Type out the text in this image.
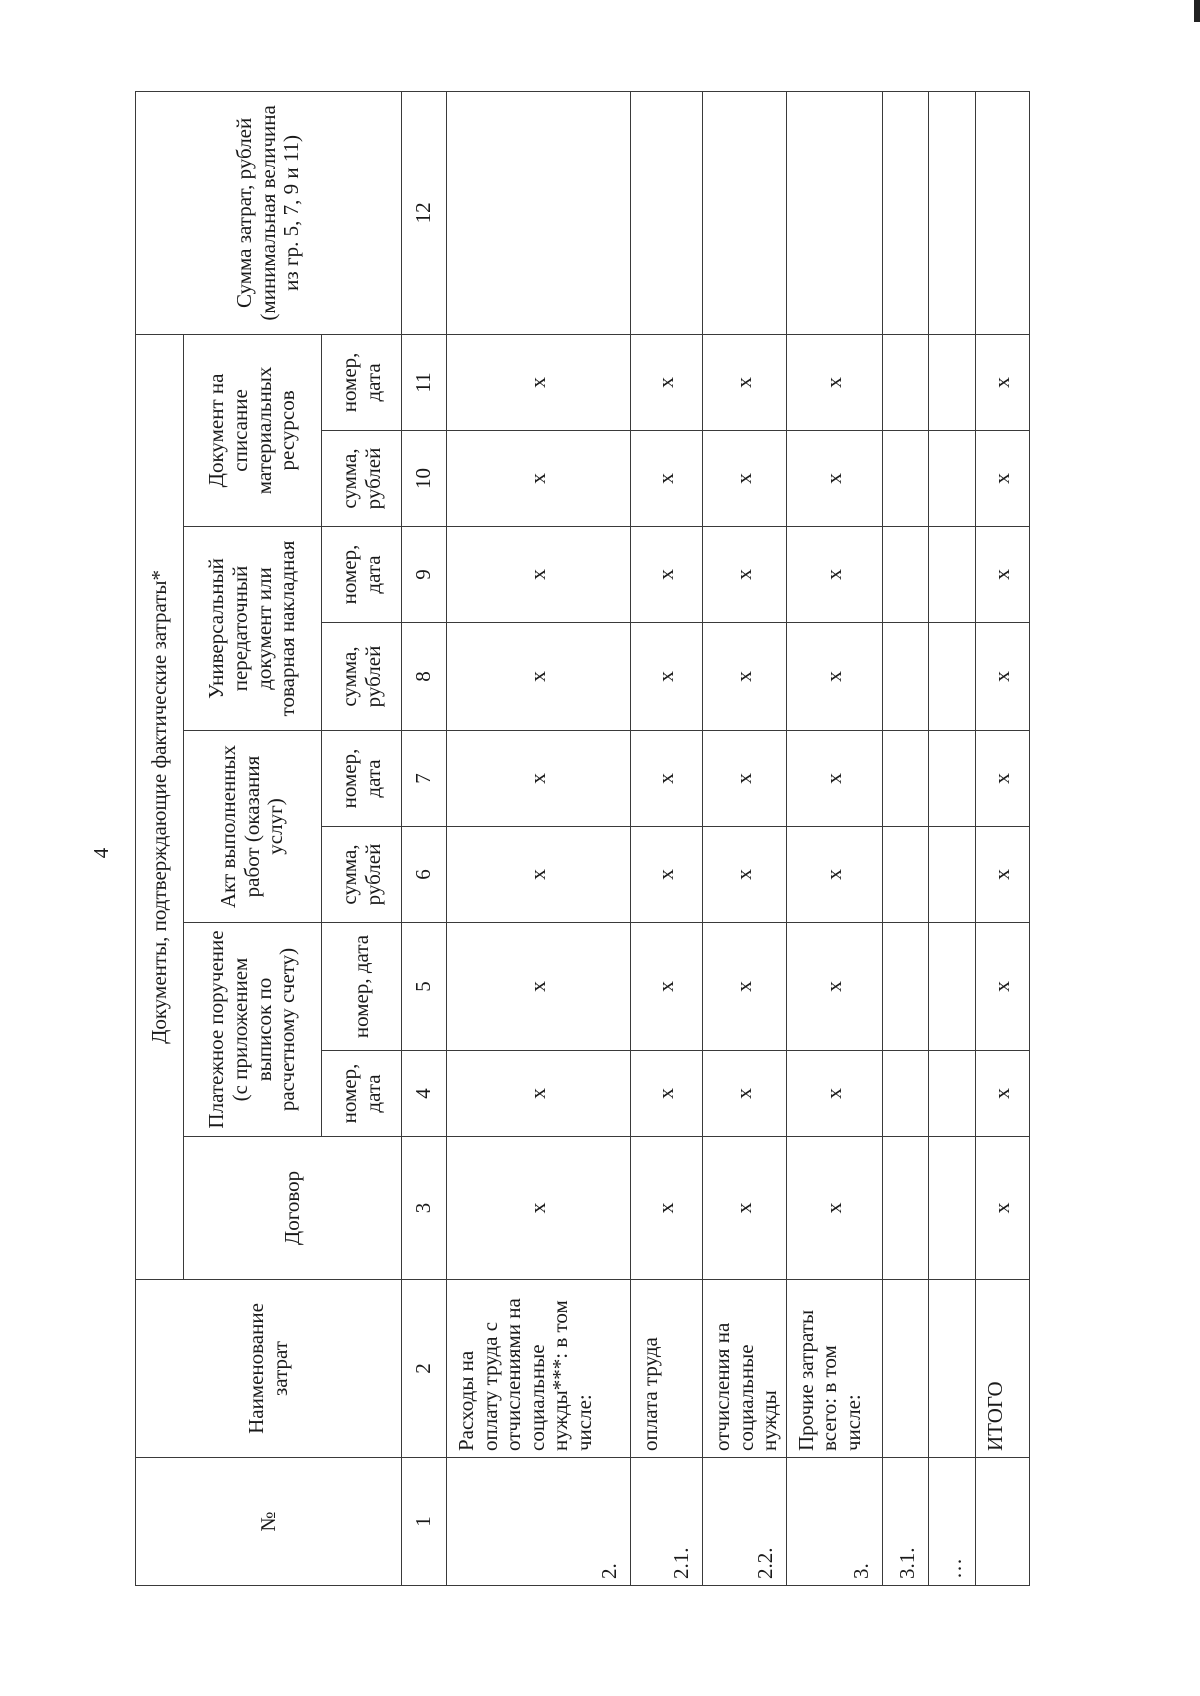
4
№	Наименование затрат	Документы, подтверждающие фактические затраты*									Сумма затрат, рублей (минимальная величина из гр. 5, 7, 9 и 11)	
		Договор	Платежное поручение (с приложением выписок по расчетному счету)		Акт выполненных работ (оказания услуг)		Универсальный передаточный документ или товарная накладная		Документ на списание материальных ресурсов			
			номер, дата	номер, дата	сумма, рублей	номер, дата	сумма, рублей	номер, дата	сумма, рублей	номер, дата	
1	2	3	4	5	6	7	8	9	10	11	12	
2.	Расходы на оплату труда с отчислениями на социальные нужды***: в том числе:	x	x	x	x	x	x	x	x	x		
2.1.	оплата труда	x	x	x	x	x	x	x	x	x		
2.2.	отчисления на социальные нужды	x	x	x	x	x	x	x	x	x		
3.	Прочие затраты всего: в том числе:	x	x	x	x	x	x	x	x	x		
3.1.												
…												
	ИТОГО	x	x	x	x	x	x	x	x	x		
